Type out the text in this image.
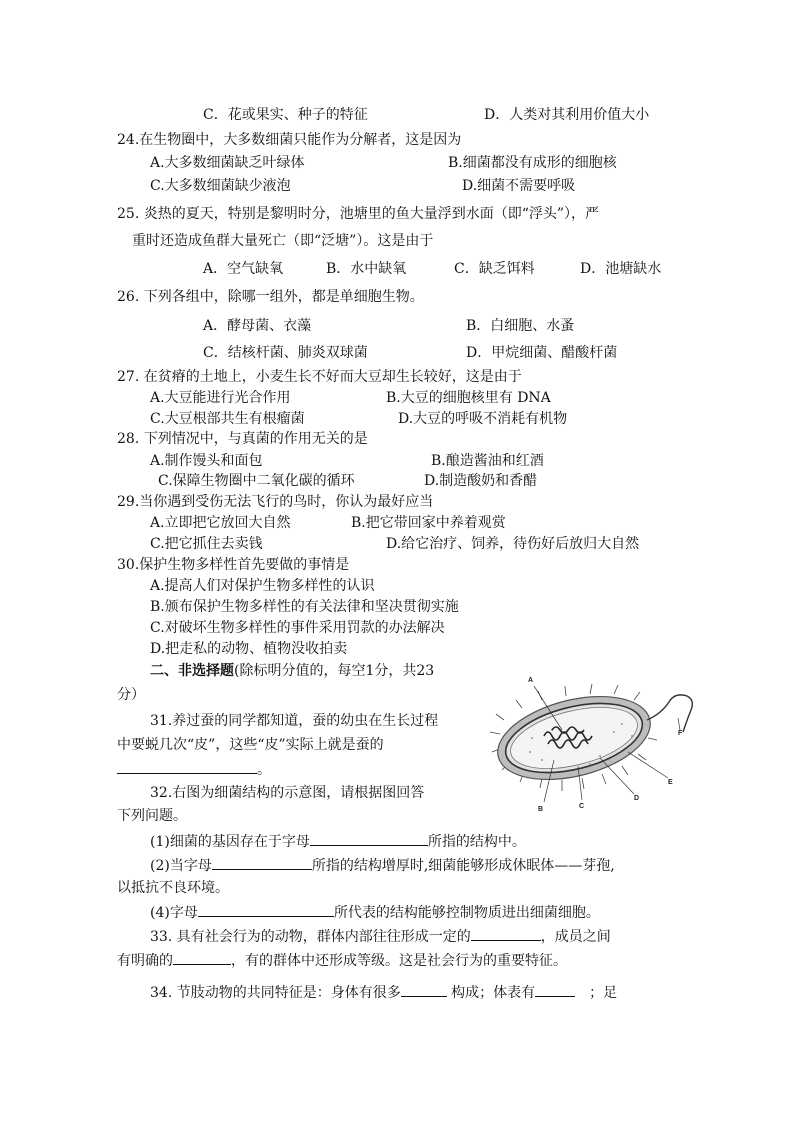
C．花或果实、种子的特征	D．人类对其利用价值大小
24.在生物圈中，大多数细菌只能作为分解者，这是因为
A.大多数细菌缺乏叶绿体	B.细菌都没有成形的细胞核
C.大多数细菌缺少液泡	D.细菌不需要呼吸
25. 炎热的夏天，特别是黎明时分，池塘里的鱼大量浮到水面（即“浮头”），严
重时还造成鱼群大量死亡（即“泛塘”）。这是由于
A．空气缺氧	B．水中缺氧	C．缺乏饵料	D．池塘缺水
26. 下列各组中，除哪一组外，都是单细胞生物。
A．酵母菌、衣藻	B．白细胞、水蚤
C．结核杆菌、肺炎双球菌	D．甲烷细菌、醋酸杆菌
27. 在贫瘠的土地上，小麦生长不好而大豆却生长较好，这是由于
A.大豆能进行光合作用	B.大豆的细胞核里有 DNA
C.大豆根部共生有根瘤菌	D.大豆的呼吸不消耗有机物
28. 下列情况中，与真菌的作用无关的是
A.制作馒头和面包	B.酿造酱油和红酒
C.保障生物圈中二氧化碳的循环	D.制造酸奶和香醋
29.当你遇到受伤无法飞行的鸟时，你认为最好应当
A.立即把它放回大自然	B.把它带回家中养着观赏
C.把它抓住去卖钱	D.给它治疗、饲养，待伤好后放归大自然
30.保护生物多样性首先要做的事情是
A.提高人们对保护生物多样性的认识
B.颁布保护生物多样性的有关法律和坚决贯彻实施
C.对破坏生物多样性的事件采用罚款的办法解决
D.把走私的动物、植物没收拍卖
二、非选择题(除标明分值的，每空1分，共23
分）
31.养过蚕的同学都知道，蚕的幼虫在生长过程
中要蜕几次“皮”，这些“皮”实际上就是蚕的
。
32.右图为细菌结构的示意图，请根据图回答
下列问题。
(1)细菌的基因存在于字母	所指的结构中。
(2)当字母	所指的结构增厚时,细菌能够形成休眠体——芽孢,
以抵抗不良环境。
(4)字母	所代表的结构能够控制物质进出细菌细胞。
33. 具有社会行为的动物，群体内部往往形成一定的	，成员之间
有明确的	，有的群体中还形成等级。这是社会行为的重要特征。
34. 节肢动物的共同特征是：身体有很多	构成；体表有	；足
A
B	C
D
E
F
